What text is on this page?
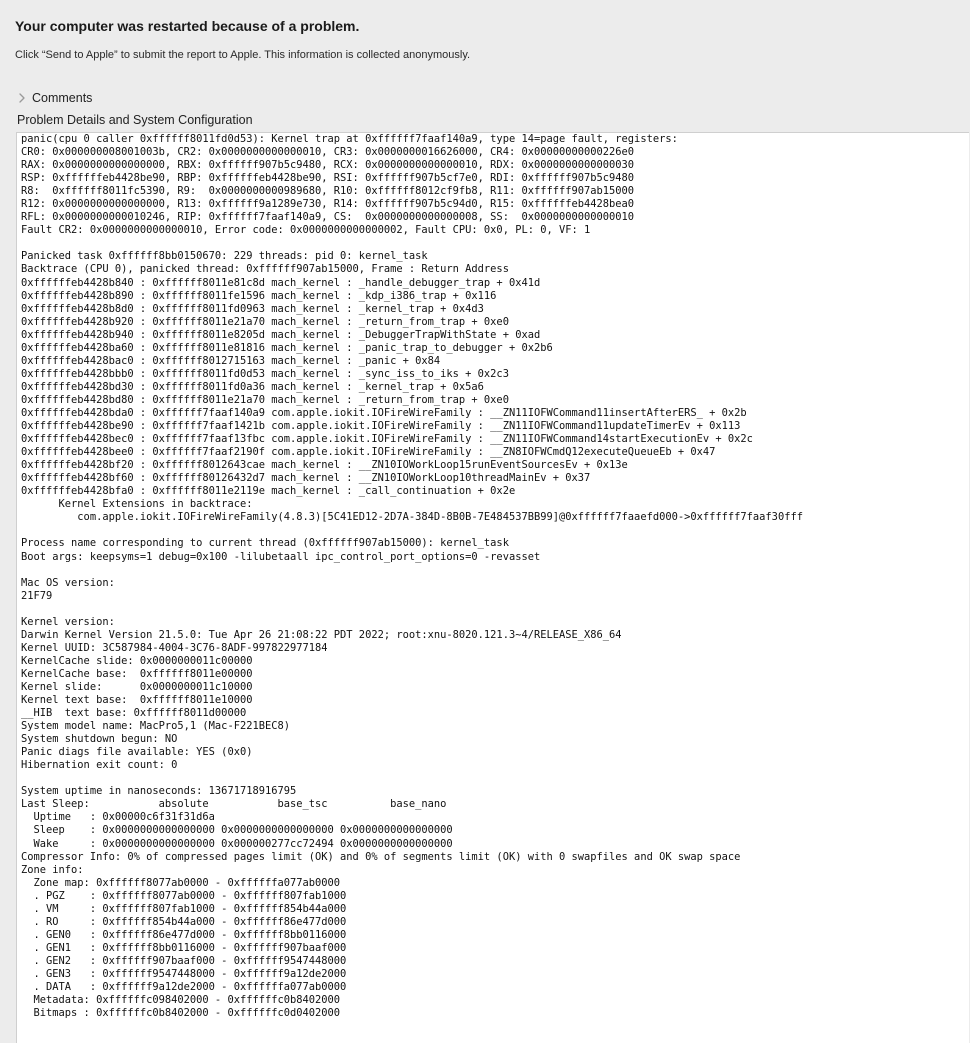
Your computer was restarted because of a problem.
Click “Send to Apple” to submit the report to Apple. This information is collected anonymously.
Comments
Problem Details and System Configuration
panic(cpu 0 caller 0xffffff8011fd0d53): Kernel trap at 0xffffff7faaf140a9, type 14=page fault, registers:
CR0: 0x000000008001003b, CR2: 0x0000000000000010, CR3: 0x0000000016626000, CR4: 0x00000000000226e0
RAX: 0x0000000000000000, RBX: 0xffffff907b5c9480, RCX: 0x0000000000000010, RDX: 0x0000000000000030
RSP: 0xffffffeb4428be90, RBP: 0xffffffeb4428be90, RSI: 0xffffff907b5cf7e0, RDI: 0xffffff907b5c9480
R8:  0xffffff8011fc5390, R9:  0x0000000000989680, R10: 0xffffff8012cf9fb8, R11: 0xffffff907ab15000
R12: 0x0000000000000000, R13: 0xffffff9a1289e730, R14: 0xffffff907b5c94d0, R15: 0xffffffeb4428bea0
RFL: 0x0000000000010246, RIP: 0xffffff7faaf140a9, CS:  0x0000000000000008, SS:  0x0000000000000010
Fault CR2: 0x0000000000000010, Error code: 0x0000000000000002, Fault CPU: 0x0, PL: 0, VF: 1

Panicked task 0xffffff8bb0150670: 229 threads: pid 0: kernel_task
Backtrace (CPU 0), panicked thread: 0xffffff907ab15000, Frame : Return Address
0xffffffeb4428b840 : 0xffffff8011e81c8d mach_kernel : _handle_debugger_trap + 0x41d
0xffffffeb4428b890 : 0xffffff8011fe1596 mach_kernel : _kdp_i386_trap + 0x116
0xffffffeb4428b8d0 : 0xffffff8011fd0963 mach_kernel : _kernel_trap + 0x4d3
0xffffffeb4428b920 : 0xffffff8011e21a70 mach_kernel : _return_from_trap + 0xe0
0xffffffeb4428b940 : 0xffffff8011e8205d mach_kernel : _DebuggerTrapWithState + 0xad
0xffffffeb4428ba60 : 0xffffff8011e81816 mach_kernel : _panic_trap_to_debugger + 0x2b6
0xffffffeb4428bac0 : 0xffffff8012715163 mach_kernel : _panic + 0x84
0xffffffeb4428bbb0 : 0xffffff8011fd0d53 mach_kernel : _sync_iss_to_iks + 0x2c3
0xffffffeb4428bd30 : 0xffffff8011fd0a36 mach_kernel : _kernel_trap + 0x5a6
0xffffffeb4428bd80 : 0xffffff8011e21a70 mach_kernel : _return_from_trap + 0xe0
0xffffffeb4428bda0 : 0xffffff7faaf140a9 com.apple.iokit.IOFireWireFamily : __ZN11IOFWCommand11insertAfterERS_ + 0x2b
0xffffffeb4428be90 : 0xffffff7faaf1421b com.apple.iokit.IOFireWireFamily : __ZN11IOFWCommand11updateTimerEv + 0x113
0xffffffeb4428bec0 : 0xffffff7faaf13fbc com.apple.iokit.IOFireWireFamily : __ZN11IOFWCommand14startExecutionEv + 0x2c
0xffffffeb4428bee0 : 0xffffff7faaf2190f com.apple.iokit.IOFireWireFamily : __ZN8IOFWCmdQ12executeQueueEb + 0x47
0xffffffeb4428bf20 : 0xffffff8012643cae mach_kernel : __ZN10IOWorkLoop15runEventSourcesEv + 0x13e
0xffffffeb4428bf60 : 0xffffff80126432d7 mach_kernel : __ZN10IOWorkLoop10threadMainEv + 0x37
0xffffffeb4428bfa0 : 0xffffff8011e2119e mach_kernel : _call_continuation + 0x2e
Kernel Extensions in backtrace:
com.apple.iokit.IOFireWireFamily(4.8.3)[5C41ED12-2D7A-384D-8B0B-7E484537BB99]@0xffffff7faaefd000->0xffffff7faaf30fff

Process name corresponding to current thread (0xffffff907ab15000): kernel_task
Boot args: keepsyms=1 debug=0x100 -lilubetaall ipc_control_port_options=0 -revasset

Mac OS version:
21F79

Kernel version:
Darwin Kernel Version 21.5.0: Tue Apr 26 21:08:22 PDT 2022; root:xnu-8020.121.3~4/RELEASE_X86_64
Kernel UUID: 3C587984-4004-3C76-8ADF-997822977184
KernelCache slide: 0x0000000011c00000
KernelCache base:  0xffffff8011e00000
Kernel slide:      0x0000000011c10000
Kernel text base:  0xffffff8011e10000
__HIB  text base: 0xffffff8011d00000
System model name: MacPro5,1 (Mac-F221BEC8)
System shutdown begun: NO
Panic diags file available: YES (0x0)
Hibernation exit count: 0

System uptime in nanoseconds: 13671718916795
Last Sleep:           absolute           base_tsc          base_nano
Uptime   : 0x00000c6f31f31d6a
Sleep    : 0x0000000000000000 0x0000000000000000 0x0000000000000000
Wake     : 0x0000000000000000 0x000000277cc72494 0x0000000000000000
Compressor Info: 0% of compressed pages limit (OK) and 0% of segments limit (OK) with 0 swapfiles and OK swap space
Zone info:
Zone map: 0xffffff8077ab0000 - 0xffffffa077ab0000
. PGZ    : 0xffffff8077ab0000 - 0xffffff807fab1000
. VM     : 0xffffff807fab1000 - 0xffffff854b44a000
. RO     : 0xffffff854b44a000 - 0xffffff86e477d000
. GEN0   : 0xffffff86e477d000 - 0xffffff8bb0116000
. GEN1   : 0xffffff8bb0116000 - 0xffffff907baaf000
. GEN2   : 0xffffff907baaf000 - 0xffffff9547448000
. GEN3   : 0xffffff9547448000 - 0xffffff9a12de2000
. DATA   : 0xffffff9a12de2000 - 0xffffffa077ab0000
Metadata: 0xffffffc098402000 - 0xffffffc0b8402000
Bitmaps : 0xffffffc0b8402000 - 0xffffffc0d0402000
